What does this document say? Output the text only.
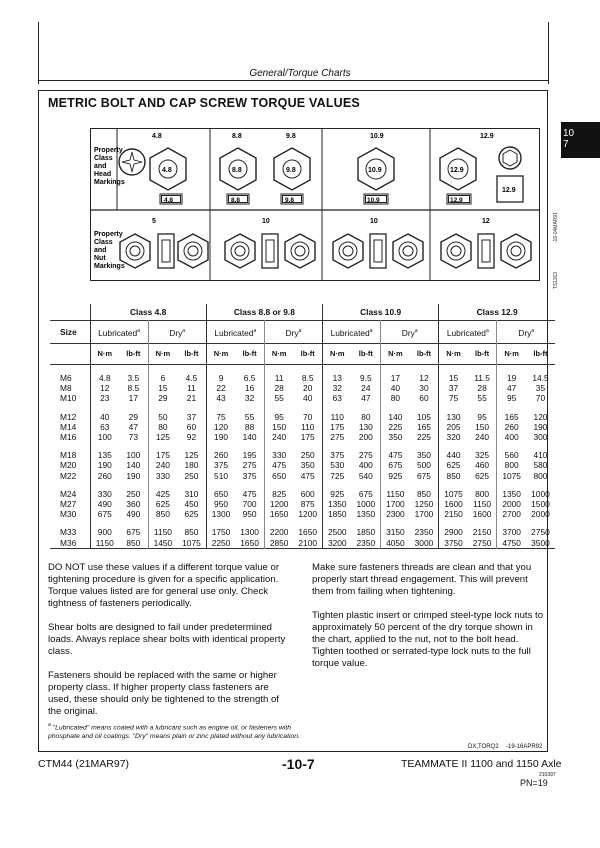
General/Torque Charts
10
7
-19-04MAR91
TS1163
METRIC BOLT AND CAP SCREW TORQUE VALUES
Property
Class
and
Head
Markings
Property
Class
and
Nut
Markings
4.8	8.8	9.8	10.9	12.9
4.8
4.8
8.8
8.8
9.8
9.8
10.9
10.9
12.9
12.9
12.9
5	10	10	12
	Class 4.8				Class 8.8 or 9.8				Class 10.9				Class 12.9			
Size	Lubricated$^a$		Dry$^a$		Lubricated$^a$		Dry$^a$		Lubricated$^a$		Dry$^a$		Lubricated$^a$		Dry$^a$
	N·m	lb-ft	N·m	lb-ft	N·m	lb-ft	N·m	lb-ft	N·m	lb-ft	N·m	lb-ft	N·m	lb-ft	N·m	lb-ft

M6	4.8	3.5	6	4.5	9	6.5	11	8.5	13	9.5	17	12	15	11.5	19	14.5
M8	12	8.5	15	11	22	16	28	20	32	24	40	30	37	28	47	35
M10	23	17	29	21	43	32	55	40	63	47	80	60	75	55	95	70

M12	40	29	50	37	75	55	95	70	110	80	140	105	130	95	165	120
M14	63	47	80	60	120	88	150	110	175	130	225	165	205	150	260	190
M16	100	73	125	92	190	140	240	175	275	200	350	225	320	240	400	300

M18	135	100	175	125	260	195	330	250	375	275	475	350	440	325	560	410
M20	190	140	240	180	375	275	475	350	530	400	675	500	625	460	800	580
M22	260	190	330	250	510	375	650	475	725	540	925	675	850	625	1075	800

M24	330	250	425	310	650	475	825	600	925	675	1150	850	1075	800	1350	1000
M27	490	360	625	450	950	700	1200	875	1350	1000	1700	1250	1600	1150	2000	1500
M30	675	490	850	625	1300	950	1650	1200	1850	1350	2300	1700	2150	1600	2700	2000

M33	900	675	1150	850	1750	1300	2200	1650	2500	1850	3150	2350	2900	2150	3700	2750
M36	1150	850	1450	1075	2250	1650	2850	2100	3200	2350	4050	3000	3750	2750	4750	3500
DO NOT use these values if a different torque value or tightening procedure is given for a specific application. Torque values listed are for general use only. Check tightness of fasteners periodically.
Shear bolts are designed to fail under predetermined loads. Always replace shear bolts with identical property class.
Fasteners should be replaced with the same or higher property class. If higher property class fasteners are used, these should only be tightened to the strength of the original.
Make sure fasteners threads are clean and that you properly start thread engagement. This will prevent them from failing when tightening.
Tighten plastic insert or crimped steel-type lock nuts to approximately 50 percent of the dry torque shown in the chart, applied to the nut, not to the bolt head. Tighten toothed or serrated-type lock nuts to the full torque value.
$^a$ "Lubricated" means coated with a lubricant such as engine oil, or fasteners with phosphate and oil coatings. "Dry" means plain or zinc plated without any lubrication.
DX,TORQ2 -19-16APR92
CTM44 (21MAR97)	-10-7	TEAMMATE II 1100 and 1150 Axle
210397
PN=19
